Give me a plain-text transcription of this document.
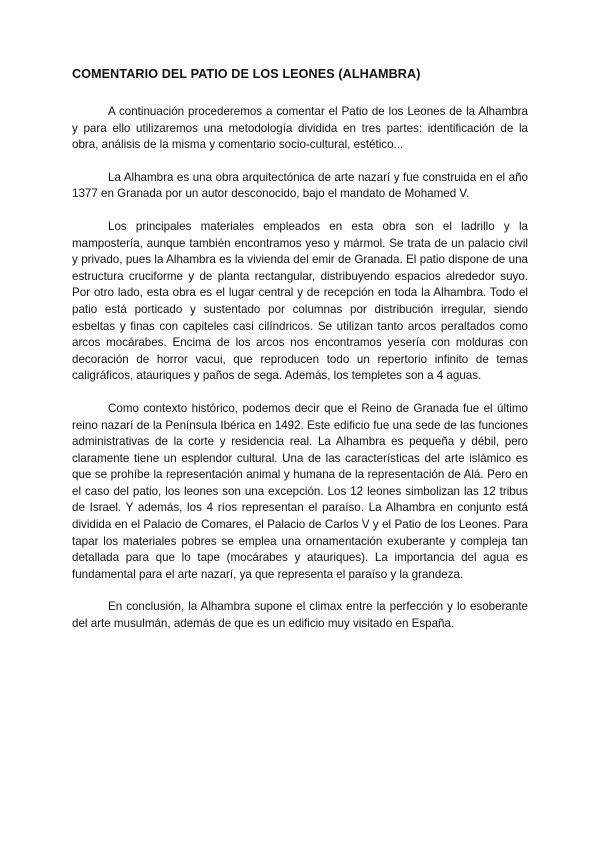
COMENTARIO DEL PATIO DE LOS LEONES (ALHAMBRA)

A continuación procederemos a comentar el Patio de los Leones de la Alhambra y para ello utilizaremos una metodología dividida en tres partes: identificación de la obra, análisis de la misma y comentario socio-cultural, estético...

La Alhambra es una obra arquitectónica de arte nazarí y fue construida en el año 1377 en Granada por un autor desconocido, bajo el mandato de Mohamed V.

Los principales materiales empleados en esta obra son el ladrillo y la mampostería, aunque también encontramos yeso y mármol. Se trata de un palacio civil y privado, pues la Alhambra es la vivienda del emir de Granada. El patio dispone de una estructura cruciforme y de planta rectangular, distribuyendo espacios alrededor suyo. Por otro lado, esta obra es el lugar central y de recepción en toda la Alhambra. Todo el patio está porticado y sustentado por columnas por distribución irregular, siendo esbeltas y finas con capiteles casi cilíndricos. Se utilizan tanto arcos peraltados como arcos mocárabes. Encima de los arcos nos encontramos yesería con molduras con decoración de horror vacui, que reproducen todo un repertorio infinito de temas caligráficos, atauriques y paños de sega. Además, los templetes son a 4 aguas.

Como contexto histórico, podemos decir que el Reino de Granada fue el último reino nazarí de la Península Ibérica en 1492. Este edificio fue una sede de las funciones administrativas de la corte y residencia real. La Alhambra es pequeña y débil, pero claramente tiene un esplendor cultural. Una de las características del arte islámico es que se prohíbe la representación animal y humana de la representación de Alá. Pero en el caso del patio, los leones son una excepción. Los 12 leones simbolizan las 12 tribus de Israel. Y además, los 4 ríos representan el paraíso. La Alhambra en conjunto está dividida en el Palacio de Comares, el Palacio de Carlos V y el Patio de los Leones. Para tapar los materiales pobres se emplea una ornamentación exuberante y compleja tan detallada para que lo tape (mocárabes y atauriques). La importancia del agua es fundamental para el arte nazarí, ya que representa el paraíso y la grandeza.

En conclusión, la Alhambra supone el climax entre la perfección y lo esoberante del arte musulmán, además de que es un edificio muy visitado en España.
